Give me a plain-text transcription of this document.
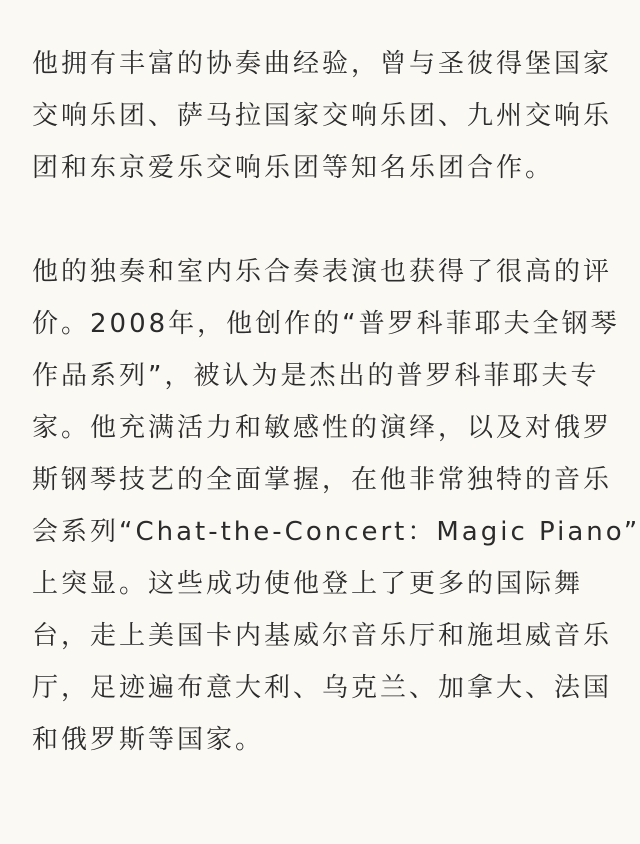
他拥有丰富的协奏曲经验，曾与圣彼得堡国家
交响乐团、萨马拉国家交响乐团、九州交响乐
团和东京爱乐交响乐团等知名乐团合作。
他的独奏和室内乐合奏表演也获得了很高的评
价。2008年，他创作的“普罗科菲耶夫全钢琴
作品系列”，被认为是杰出的普罗科菲耶夫专
家。他充满活力和敏感性的演绎，以及对俄罗
斯钢琴技艺的全面掌握，在他非常独特的音乐
会系列“Chat-the-Concert：Magic Piano”
上突显。这些成功使他登上了更多的国际舞
台，走上美国卡内基威尔音乐厅和施坦威音乐
厅，足迹遍布意大利、乌克兰、加拿大、法国
和俄罗斯等国家。
